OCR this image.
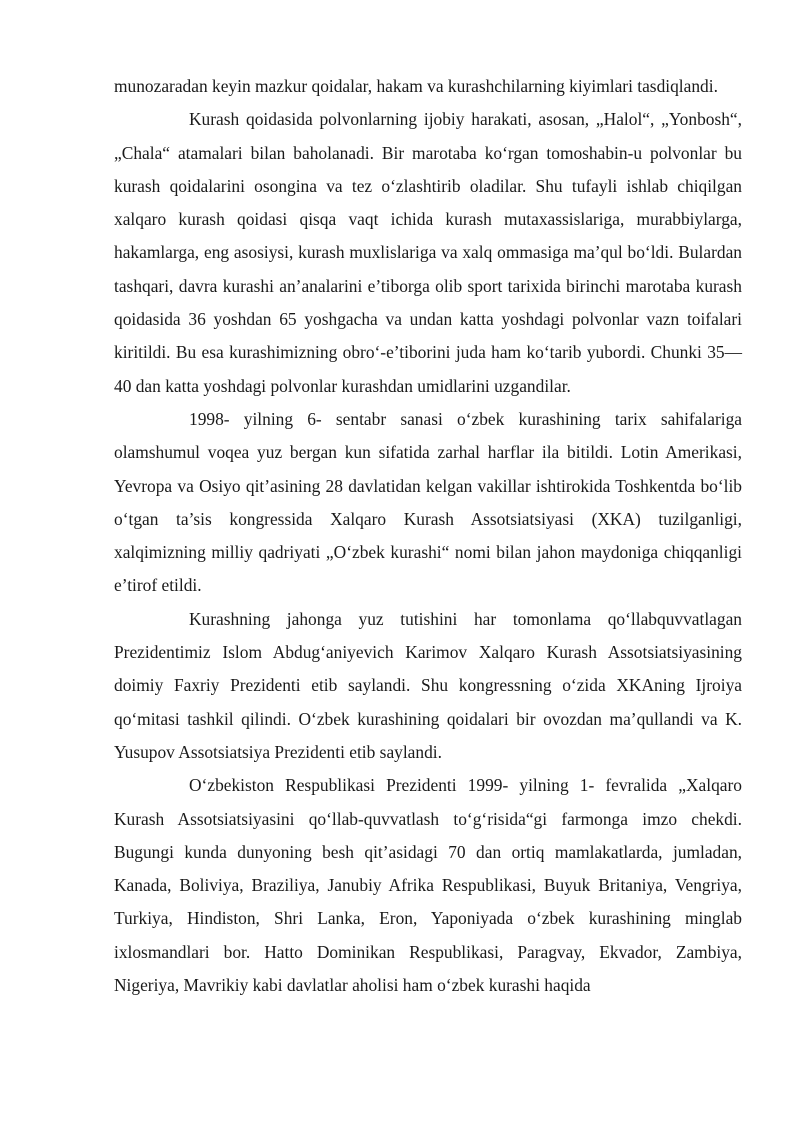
munozaradan keyin mazkur qoidalar, hakam va kurashchilarning kiyimlari tasdiqlandi.

Kurash qoidasida polvonlarning ijobiy harakati, asosan, „Halol“, „Yonbosh“, „Chala“ atamalari bilan baholanadi. Bir marotaba ko‘rgan tomoshabin-u polvonlar bu kurash qoidalarini osongina va tez o‘zlashtirib oladilar. Shu tufayli ishlab chiqilgan xalqaro kurash qoidasi qisqa vaqt ichida kurash mutaxassislariga, murabbiylarga, hakamlarga, eng asosiysi, kurash muxlislariga va xalq ommasiga ma’qul bo‘ldi. Bulardan tashqari, davra kurashi an’analarini e’tiborga olib sport tarixida birinchi marotaba kurash qoidasida 36 yoshdan 65 yoshgacha va undan katta yoshdagi polvonlar vazn toifalari kiritildi. Bu esa kurashimizning obro‘-e’tiborini juda ham ko‘tarib yubordi. Chunki 35—40 dan katta yoshdagi polvonlar kurashdan umidlarini uzgandilar.

1998- yilning 6- sentabr sanasi o‘zbek kurashining tarix sahifalariga olamshumul voqea yuz bergan kun sifatida zarhal harflar ila bitildi. Lotin Amerikasi, Yevropa va Osiyo qit’asining 28 davlatidan kelgan vakillar ishtirokida Toshkentda bo‘lib o‘tgan ta’sis kongressida Xalqaro Kurash Assotsiatsiyasi (XKA) tuzilganligi, xalqimizning milliy qadriyati „O‘zbek kurashi“ nomi bilan jahon maydoniga chiqqanligi e’tirof etildi.

Kurashning jahonga yuz tutishini har tomonlama qo‘llabquvvatlagan Prezidentimiz Islom Abdug‘aniyevich Karimov Xalqaro Kurash Assotsiatsiyasining doimiy Faxriy Prezidenti etib saylandi. Shu kongressning o‘zida XKAning Ijroiya qo‘mitasi tashkil qilindi. O‘zbek kurashining qoidalari bir ovozdan ma’qullandi va K. Yusupov Assotsiatsiya Prezidenti etib saylandi.

O‘zbekiston Respublikasi Prezidenti 1999- yilning 1- fevralida „Xalqaro Kurash Assotsiatsiyasini qo‘llab-quvvatlash to‘g‘risida“gi farmonga imzo chekdi. Bugungi kunda dunyoning besh qit’asidagi 70 dan ortiq mamlakatlarda, jumladan, Kanada, Boliviya, Braziliya, Janubiy Afrika Respublikasi, Buyuk Britaniya, Vengriya, Turkiya, Hindiston, Shri Lanka, Eron, Yaponiyada o‘zbek kurashining minglab ixlosmandlari bor. Hatto Dominikan Respublikasi, Paragvay, Ekvador, Zambiya, Nigeriya, Mavrikiy kabi davlatlar aholisi ham o‘zbek kurashi haqida
